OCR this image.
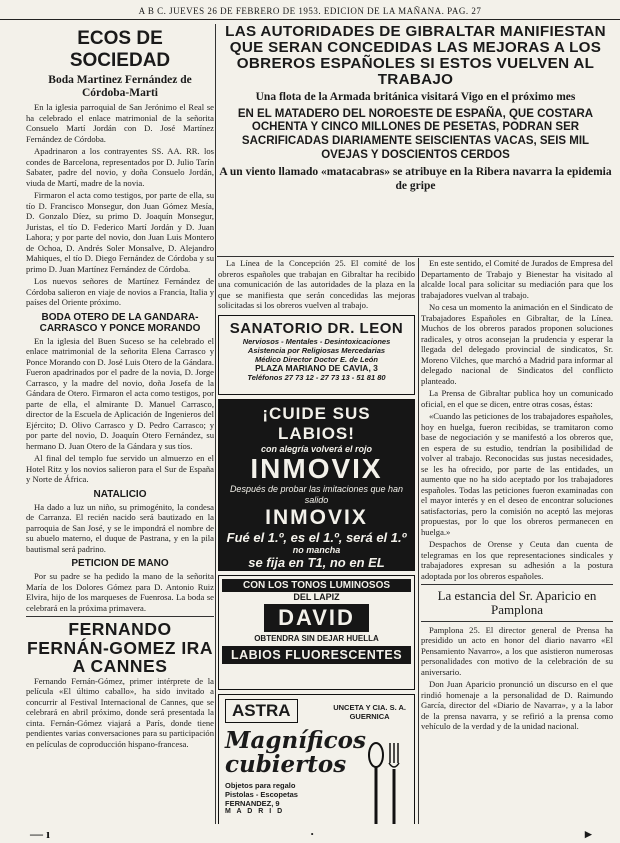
A B C. JUEVES 26 DE FEBRERO DE 1953. EDICION DE LA MAÑANA. PAG. 27
ECOS DE SOCIEDAD
Boda Martinez Fernández de Córdoba-Marti

En la iglesia parroquial de San Jerónimo el Real se ha celebrado el enlace matrimonial de la señorita Consuelo Martí Jordán con D. José Martínez Fernández de Córdoba.

Apadrinaron a los contrayentes SS. AA. RR. los condes de Barcelona, representados por D. Julio Tarín Sabater, padre del novio, y doña Consuelo Jordán, viuda de Martí, madre de la novia.

Firmaron el acta como testigos, por parte de ella, su tío D. Francisco Monsegur, don Juan Gómez Mesía, D. Gonzalo Díez, su primo D. Joaquín Monsegur, Juristas, el tío D. Federico Martí Jordán y D. Juan Lahora; y por parte del novio, don Juan Luis Montero de Ochoa, D. Andrés Soler Monsalve, D. Alejandro Mahiques, el tío D. Diego Fernández de Córdoba y su primo D. Juan Martínez Fernández de Córdoba.

Los nuevos señores de Martínez Fernández de Córdoba salieron en viaje de novios a Francia, Italia y países del Oriente próximo.

BODA OTERO DE LA GANDARA-CARRASCO Y PONCE MORANDO

En la iglesia del Buen Suceso se ha celebrado el enlace matrimonial de la señorita Elena Carrasco y Ponce Morando con D. José Luis Otero de la Gándara. Fueron apadrinados por el padre de la novia, D. Jorge Carrasco, y la madre del novio, doña Josefa de la Gándara de Otero. Firmaron el acta como testigos, por parte de ella, el almirante D. Manuel Carrasco, director de la Escuela de Aplicación de Ingenieros del Ejército; D. Olivo Carrasco y D. Pedro Carrasco; y por parte del novio, D. Joaquín Otero Fernández, su hermano D. Juan Otero de la Gándara y sus tíos.

Al final del templo fue servido un almuerzo en el Hotel Ritz y los novios salieron para el Sur de España y Norte de África.

NATALICIO

Ha dado a luz un niño, su primogénito, la condesa de Carranza. El recién nacido será bautizado en la parroquia de San José, y se le impondrá el nombre de su abuelo materno, el duque de Pastrana, y en la pila bautismal será padrino.

PETICION DE MANO

Por su padre se ha pedido la mano de la señorita María de los Dolores Gómez para D. Antonio Ruiz Elvira, hijo de los marqueses de Fuenrosa. La boda se celebrará en la próxima primavera.

FERNANDO FERNÁN-GOMEZ IRA A CANNES

Fernando Fernán-Gómez, primer intérprete de la película «El último caballo», ha sido invitado a concurrir al Festival Internacional de Cannes, que se celebrará en abril próximo, donde será presentada la cinta. Fernán-Gómez viajará a París, donde tiene pendientes varias conversaciones para su participación en películas de coproducción hispano-francesa.

LAS AUTORIDADES DE GIBRALTAR MANIFIESTAN QUE SERAN CONCEDIDAS LAS MEJORAS A LOS OBREROS ESPAÑOLES SI ESTOS VUELVEN AL TRABAJO
Una flota de la Armada británica visitará Vigo en el próximo mes
EN EL MATADERO DEL NOROESTE DE ESPAÑA, QUE COSTARA OCHENTA Y CINCO MILLONES DE PESETAS, PODRAN SER SACRIFICADAS DIARIAMENTE SEISCIENTAS VACAS, SEIS MIL OVEJAS Y DOSCIENTOS CERDOS
A un viento llamado «matacabras» se atribuye en la Ribera navarra la epidemia de gripe

La Línea de la Concepción 25. El comité de los obreros españoles que trabajan en Gibraltar ha recibido una comunicación de las autoridades de la plaza en la que se manifiesta que serán concedidas las mejoras solicitadas si los obreros vuelven al trabajo.

SANATORIO DR. LEON
Nerviosos - Mentales - Desintoxicaciones
Asistencia por Religiosas Mercedarias
Médico Director Doctor E. de León
PLAZA MARIANO DE CAVIA, 3
Teléfonos 27 73 12 - 27 73 13 - 51 81 80
¡CUIDE SUS LABIOS!
con alegría volverá el rojo
INMOVIX
Después de probar las imitaciones que han salido
INMOVIX
Fué el 1.º, es el 1.º, será el 1.º
no mancha
se fija en T1, no en EL
CON LOS TONOS LUMINOSOS
DEL LAPIZ
DAVID
OBTENDRA SIN DEJAR HUELLA
LABIOS FLUORESCENTES
ASTRA	UNCETA Y CIA. S. A.
GUERNICA
Magníficos
cubiertos
Objetos para regalo
Pistolas - Escopetas
FERNANDEZ, 9
M A D R I D

En este sentido, el Comité de Jurados de Empresa del Departamento de Trabajo y Bienestar ha visitado al alcalde local para solicitar su mediación para que los trabajadores vuelvan al trabajo.

No cesa un momento la animación en el Sindicato de Trabajadores Españoles en Gibraltar, de la Línea. Muchos de los obreros parados proponen soluciones radicales, y otros aconsejan la prudencia y esperar la llegada del delegado provincial de sindicatos, Sr. Moreno Vilches, que marchó a Madrid para informar al delegado nacional de Sindicatos del conflicto planteado.

La Prensa de Gibraltar publica hoy un comunicado oficial, en el que se dicen, entre otras cosas, éstas:

«Cuando las peticiones de los trabajadores españoles, hoy en huelga, fueron recibidas, se tramitaron como base de negociación y se manifestó a los obreros que, en espera de su estudio, tendrían la posibilidad de volver al trabajo. Reconocidas sus justas necesidades, se les ha ofrecido, por parte de las entidades, un aumento que no ha sido aceptado por los trabajadores españoles. Todas las peticiones fueron examinadas con el mayor interés y en el deseo de encontrar soluciones satisfactorias, pero la comisión no aceptó las mejoras propuestas, por lo que los obreros permanecen en huelga.»

Despachos de Orense y Ceuta dan cuenta de telegramas en los que representaciones sindicales y trabajadores expresan su adhesión a la postura adoptada por los obreros españoles.

La estancia del Sr. Aparicio en Pamplona

Pamplona 25. El director general de Prensa ha presidido un acto en honor del diario navarro «El Pensamiento Navarro», a los que asistieron numerosas personalidades con motivo de la celebración de su aniversario.

Don Juan Aparicio pronunció un discurso en el que rindió homenaje a la personalidad de D. Raimundo García, director del «Diario de Navarra», y a la labor de la prensa navarra, y se refirió a la prensa como vehículo de la verdad y de la unidad nacional.

— ı	·	▸
